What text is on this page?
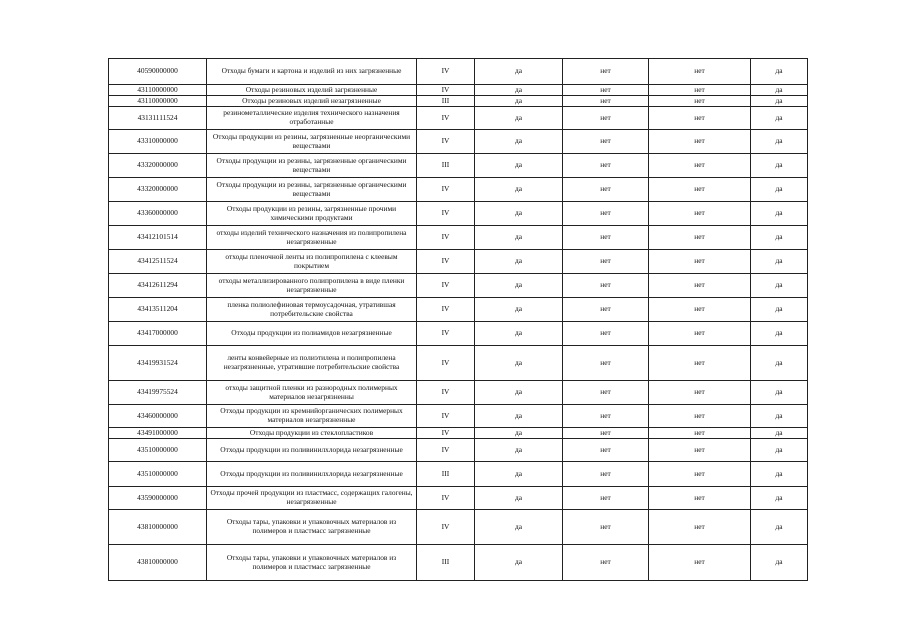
40590000000	Отходы бумаги и картона и изделий из них загрязненные	IV	да	нет	нет	да
43110000000	Отходы резиновых изделий загрязненные	IV	да	нет	нет	да
43110000000	Отходы резиновых изделий незагрязненные	III	да	нет	нет	да
43131111524	резинометаллические изделия технического назначения отработанные	IV	да	нет	нет	да
43310000000	Отходы продукции из резины, загрязненные неорганическими веществами	IV	да	нет	нет	да
43320000000	Отходы продукции из резины, загрязненные органическими веществами	III	да	нет	нет	да
43320000000	Отходы продукции из резины, загрязненные органическими веществами	IV	да	нет	нет	да
43360000000	Отходы продукции из резины, загрязненные прочими химическими продуктами	IV	да	нет	нет	да
43412101514	отходы изделий технического назначения из полипропилена незагрязненные	IV	да	нет	нет	да
43412511524	отходы пленочной ленты из полипропилена с клеевым покрытием	IV	да	нет	нет	да
43412611294	отходы металлизированного полипропилена в виде пленки незагрязненные	IV	да	нет	нет	да
43413511204	пленка полиолефиновая термоусадочная, утратившая потребительские свойства	IV	да	нет	нет	да
43417000000	Отходы продукции из полиамидов незагрязненные	IV	да	нет	нет	да
43419931524	ленты конвейерные из полиэтилена и полипропилена незагрязненные, утратившие потребительские свойства	IV	да	нет	нет	да
43419975524	отходы защитной пленки из разнородных полимерных материалов незагрязненны	IV	да	нет	нет	да
43460000000	Отходы продукции из кремнийорганических полимерных материалов незагрязненные	IV	да	нет	нет	да
43491000000	Отходы продукции из стеклопластиков	IV	да	нет	нет	да
43510000000	Отходы продукции из поливинилхлорида незагрязненные	IV	да	нет	нет	да
43510000000	Отходы продукции из поливинилхлорида незагрязненные	III	да	нет	нет	да
43590000000	Отходы прочей продукции из пластмасс, содержащих галогены, незагрязненные	IV	да	нет	нет	да
43810000000	Отходы тары, упаковки и упаковочных материалов из полимеров и пластмасс загрязненные	IV	да	нет	нет	да
43810000000	Отходы тары, упаковки и упаковочных материалов из полимеров и пластмасс загрязненные	III	да	нет	нет	да
